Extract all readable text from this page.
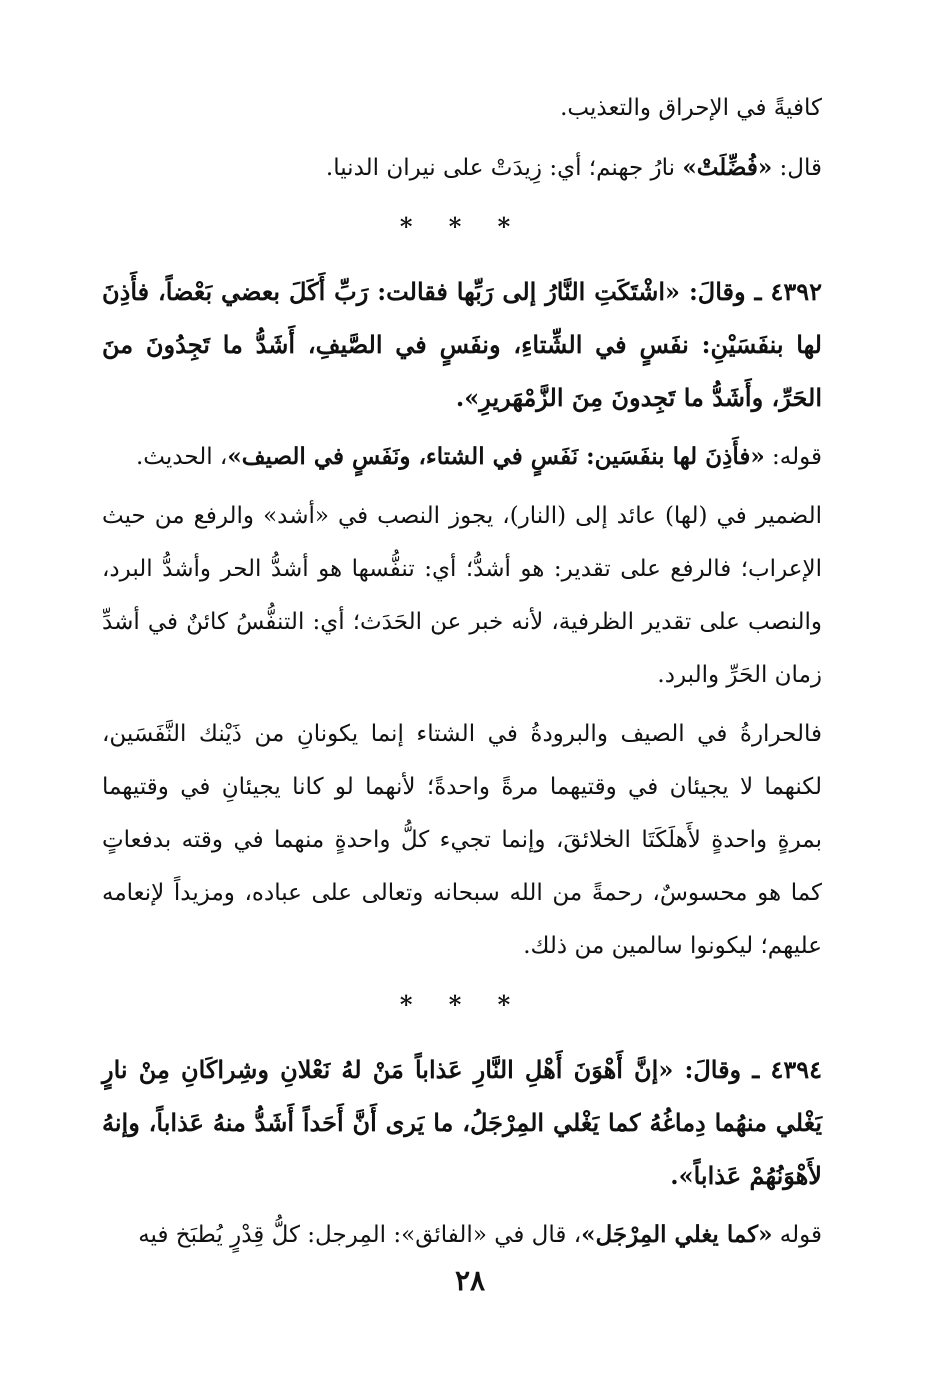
كافيةً في الإحراق والتعذيب.

قال: «فُضِّلَتْ» نارُ جهنم؛ أي: زِيدَتْ على نيران الدنيا.

* * *

٤٣٩٢ ـ وقالَ: «اشْتَكَتِ النَّارُ إلى رَبِّها فقالت: رَبِّ أَكَلَ بعضي بَعْضاً، فأَذِنَ لها بنفَسَيْنِ: نفَسٍ في الشِّتاءِ، ونفَسٍ في الصَّيفِ، أَشَدُّ ما تَجِدُونَ منَ الحَرِّ، وأَشَدُّ ما تَجِدونَ مِنَ الزَّمْهَريرِ».

قوله: «فأَذِنَ لها بنفَسَين: نَفَسٍ في الشتاء، ونَفَسٍ في الصيف»، الحديث.

الضمير في (لها) عائد إلى (النار)، يجوز النصب في «أشد» والرفع من حيث الإعراب؛ فالرفع على تقدير: هو أشدُّ؛ أي: تنفُّسها هو أشدُّ الحر وأشدُّ البرد، والنصب على تقدير الظرفية، لأنه خبر عن الحَدَث؛ أي: التنفُّسُ كائنٌ في أشدِّ زمان الحَرِّ والبرد.

فالحرارةُ في الصيف والبرودةُ في الشتاء إنما يكونانِ من ذَيْنك النَّفَسَين، لكنهما لا يجيئان في وقتيهما مرةً واحدةً؛ لأنهما لو كانا يجيئانِ في وقتيهما بمرةٍ واحدةٍ لأَهلَكَتَا الخلائقَ، وإنما تجيء كلُّ واحدةٍ منهما في وقته بدفعاتٍ كما هو محسوسٌ، رحمةً من الله سبحانه وتعالى على عباده، ومزيداً لإنعامه عليهم؛ ليكونوا سالمين من ذلك.

* * *

٤٣٩٤ ـ وقالَ: «إنَّ أَهْوَنَ أَهْلِ النَّارِ عَذاباً مَنْ لهُ نَعْلانِ وشِراكَانِ مِنْ نارٍ يَغْلي منهُما دِماغُهُ كما يَغْلي المِرْجَلُ، ما يَرى أَنَّ أَحَداً أَشَدُّ منهُ عَذاباً، وإنهُ لأَهْوَنُهُمْ عَذاباً».

قوله «كما يغلي المِرْجَل»، قال في «الفائق»: المِرجل: كلُّ قِدْرٍ يُطبَخ فيه

٢٨
